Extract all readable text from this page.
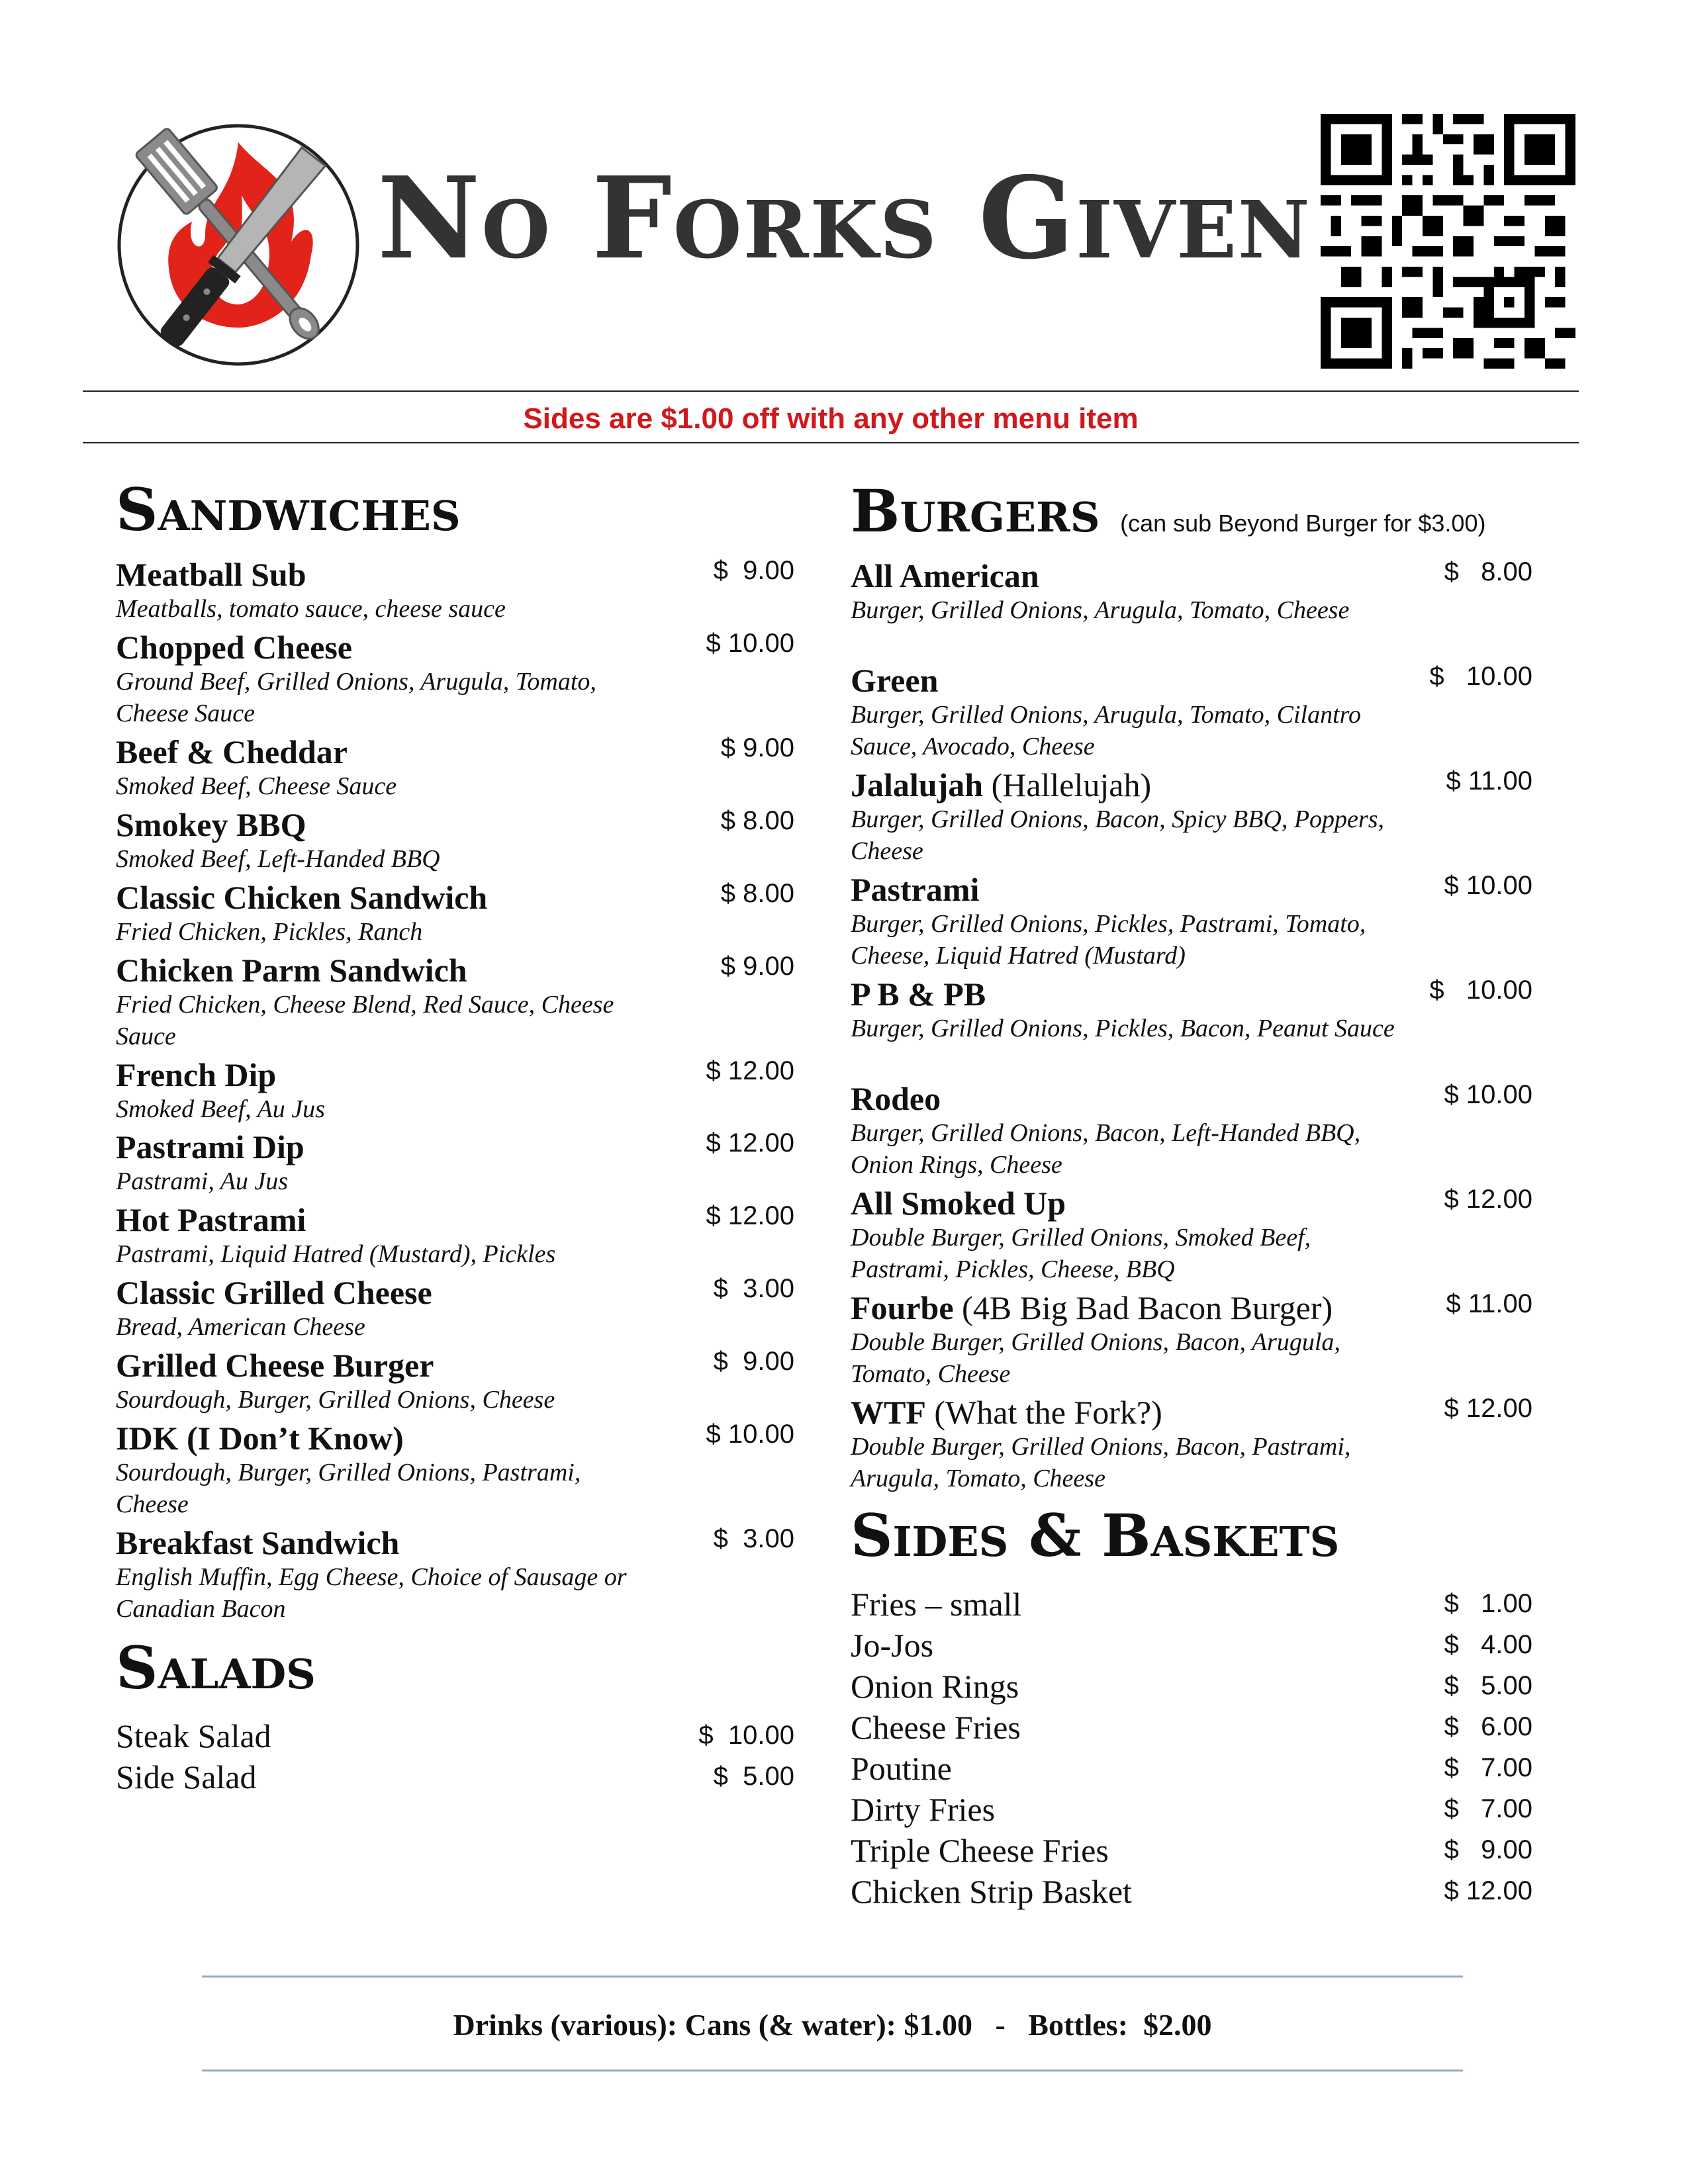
No Forks Given
Sides are $1.00 off with any other menu item
Sandwiches
Meatball Sub
Meatballs, tomato sauce, cheese sauce
$  9.00
Chopped Cheese
Ground Beef, Grilled Onions, Arugula, Tomato, Cheese Sauce
$ 10.00
Beef & Cheddar
Smoked Beef, Cheese Sauce
$ 9.00
Smokey BBQ
Smoked Beef, Left-Handed BBQ
$ 8.00
Classic Chicken Sandwich
Fried Chicken, Pickles, Ranch
$ 8.00
Chicken Parm Sandwich
Fried Chicken, Cheese Blend, Red Sauce, Cheese Sauce
$ 9.00
French Dip
Smoked Beef, Au Jus
$ 12.00
Pastrami Dip
Pastrami, Au Jus
$ 12.00
Hot Pastrami
Pastrami, Liquid Hatred (Mustard), Pickles
$ 12.00
Classic Grilled Cheese
Bread, American Cheese
$  3.00
Grilled Cheese Burger
Sourdough, Burger, Grilled Onions, Cheese
$  9.00
IDK (I Don’t Know)
Sourdough, Burger, Grilled Onions, Pastrami, Cheese
$ 10.00
Breakfast Sandwich
English Muffin, Egg Cheese, Choice of Sausage or Canadian Bacon
$  3.00
Salads
Steak Salad	$  10.00
Side Salad	$  5.00
Burgers (can sub Beyond Burger for $3.00)
All American
Burger, Grilled Onions, Arugula, Tomato, Cheese
$   8.00
Green
Burger, Grilled Onions, Arugula, Tomato, Cilantro Sauce, Avocado, Cheese
$   10.00
Jalalujah (Hallelujah)
Burger, Grilled Onions, Bacon, Spicy BBQ, Poppers, Cheese
$ 11.00
Pastrami
Burger, Grilled Onions, Pickles, Pastrami, Tomato, Cheese, Liquid Hatred (Mustard)
$ 10.00
P B & PB
Burger, Grilled Onions, Pickles, Bacon, Peanut Sauce
$   10.00
Rodeo
Burger, Grilled Onions, Bacon, Left-Handed BBQ, Onion Rings, Cheese
$ 10.00
All Smoked Up
Double Burger, Grilled Onions, Smoked Beef, Pastrami, Pickles, Cheese, BBQ
$ 12.00
Fourbe (4B Big Bad Bacon Burger)
Double Burger, Grilled Onions, Bacon, Arugula, Tomato, Cheese
$ 11.00
WTF (What the Fork?)
Double Burger, Grilled Onions, Bacon, Pastrami, Arugula, Tomato, Cheese
$ 12.00
Sides & Baskets
Fries – small	$   1.00
Jo-Jos	$   4.00
Onion Rings	$   5.00
Cheese Fries	$   6.00
Poutine	$   7.00
Dirty Fries	$   7.00
Triple Cheese Fries	$   9.00
Chicken Strip Basket	$ 12.00
Drinks (various): Cans (& water): $1.00   -   Bottles:  $2.00
